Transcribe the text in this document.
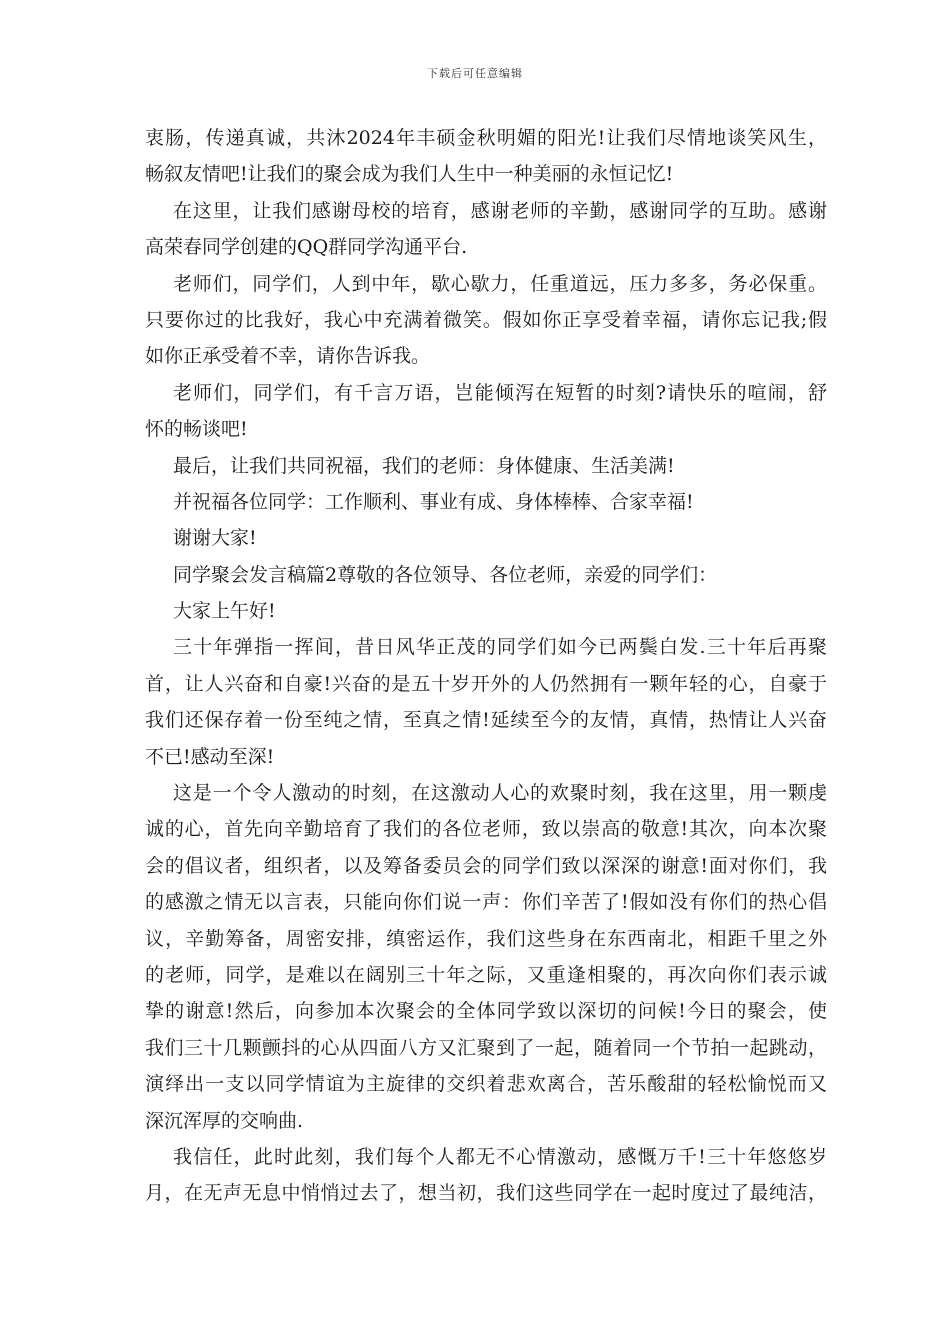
下载后可任意编辑
衷肠，传递真诚，共沐2024年丰硕金秋明媚的阳光!让我们尽情地谈笑风生，
畅叙友情吧!让我们的聚会成为我们人生中一种美丽的永恒记忆!
在这里，让我们感谢母校的培育，感谢老师的辛勤，感谢同学的互助。感谢
高荣春同学创建的QQ群同学沟通平台.
老师们，同学们，人到中年，歇心歇力，任重道远，压力多多，务必保重。
只要你过的比我好，我心中充满着微笑。假如你正享受着幸福，请你忘记我;假
如你正承受着不幸，请你告诉我。
老师们，同学们，有千言万语，岂能倾泻在短暂的时刻?请快乐的喧闹，舒
怀的畅谈吧!
最后，让我们共同祝福，我们的老师：身体健康、生活美满!
并祝福各位同学：工作顺利、事业有成、身体棒棒、合家幸福!
谢谢大家!
同学聚会发言稿篇2尊敬的各位领导、各位老师，亲爱的同学们：
大家上午好!
三十年弹指一挥间，昔日风华正茂的同学们如今已两鬓白发.三十年后再聚
首，让人兴奋和自豪!兴奋的是五十岁开外的人仍然拥有一颗年轻的心，自豪于
我们还保存着一份至纯之情，至真之情!延续至今的友情，真情，热情让人兴奋
不已!感动至深!
这是一个令人激动的时刻，在这激动人心的欢聚时刻，我在这里，用一颗虔
诚的心，首先向辛勤培育了我们的各位老师，致以崇高的敬意!其次，向本次聚
会的倡议者，组织者，以及筹备委员会的同学们致以深深的谢意!面对你们，我
的感激之情无以言表，只能向你们说一声：你们辛苦了!假如没有你们的热心倡
议，辛勤筹备，周密安排，缜密运作，我们这些身在东西南北，相距千里之外
的老师，同学，是难以在阔别三十年之际，又重逢相聚的，再次向你们表示诚
挚的谢意!然后，向参加本次聚会的全体同学致以深切的问候!今日的聚会，使
我们三十几颗颤抖的心从四面八方又汇聚到了一起，随着同一个节拍一起跳动，
演绎出一支以同学情谊为主旋律的交织着悲欢离合，苦乐酸甜的轻松愉悦而又
深沉浑厚的交响曲.
我信任，此时此刻，我们每个人都无不心情激动，感慨万千!三十年悠悠岁
月，在无声无息中悄悄过去了，想当初，我们这些同学在一起时度过了最纯洁，
